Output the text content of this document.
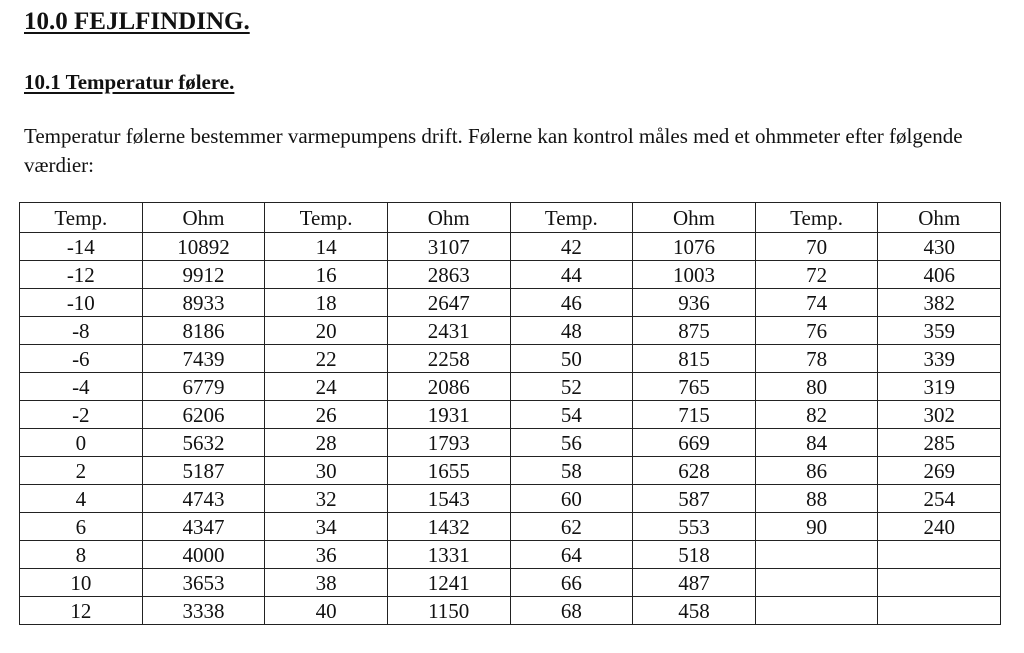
10.0 FEJLFINDING.
10.1 Temperatur følere.

Temperatur følerne bestemmer varmepumpens drift. Følerne kan kontrol måles med et ohmmeter efter følgende værdier:

Temp.	Ohm	Temp.	Ohm	Temp.	Ohm	Temp.	Ohm
-14	10892	14	3107	42	1076	70	430
-12	9912	16	2863	44	1003	72	406
-10	8933	18	2647	46	936	74	382
-8	8186	20	2431	48	875	76	359
-6	7439	22	2258	50	815	78	339
-4	6779	24	2086	52	765	80	319
-2	6206	26	1931	54	715	82	302
0	5632	28	1793	56	669	84	285
2	5187	30	1655	58	628	86	269
4	4743	32	1543	60	587	88	254
6	4347	34	1432	62	553	90	240
8	4000	36	1331	64	518		
10	3653	38	1241	66	487		
12	3338	40	1150	68	458		
